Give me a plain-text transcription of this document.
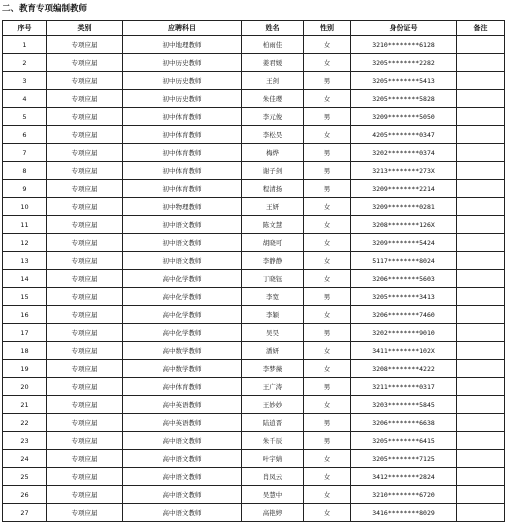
二、教育专项编制教师
序号	类别	应聘科目	姓名	性别	身份证号	备注
1	专项应届	初中地理教师	柏雨佳	女	3210********6128	
2	专项应届	初中历史教师	姜君媛	女	3205********2282	
3	专项应届	初中历史教师	王剑	男	3205********5413	
4	专项应届	初中历史教师	朱佳璎	女	3205********5828	
5	专项应届	初中体育教师	李元俊	男	3209********5050	
6	专项应届	初中体育教师	李松昊	女	4205********0347	
7	专项应届	初中体育教师	梅烨	男	3202********0374	
8	专项应届	初中体育教师	谢子剑	男	3213********273X	
9	专项应届	初中体育教师	程清扬	男	3209********2214	
10	专项应届	初中物理教师	王妍	女	3209********0281	
11	专项应届	初中语文教师	陈文慧	女	3208********126X	
12	专项应届	初中语文教师	胡晓可	女	3209********5424	
13	专项应届	初中语文教师	李静静	女	5117********8024	
14	专项应届	高中化学教师	丁晓钰	女	3206********5603	
15	专项应届	高中化学教师	李宽	男	3205********3413	
16	专项应届	高中化学教师	李颖	女	3206********7460	
17	专项应届	高中化学教师	吴昊	男	3202********9010	
18	专项应届	高中数学教师	潘妍	女	3411********102X	
19	专项应届	高中数学教师	李梦薇	女	3208********4222	
20	专项应届	高中体育教师	王广涛	男	3211********0317	
21	专项应届	高中英语教师	王妙妙	女	3203********5845	
22	专项应届	高中英语教师	陆逍晋	男	3206********6638	
23	专项应届	高中语文教师	朱千辰	男	3205********6415	
24	专项应届	高中语文教师	叶宇婧	女	3205********7125	
25	专项应届	高中语文教师	肖凤云	女	3412********2824	
26	专项应届	高中语文教师	吴慧中	女	3210********6720	
27	专项应届	高中语文教师	高艳婷	女	3416********8029	
